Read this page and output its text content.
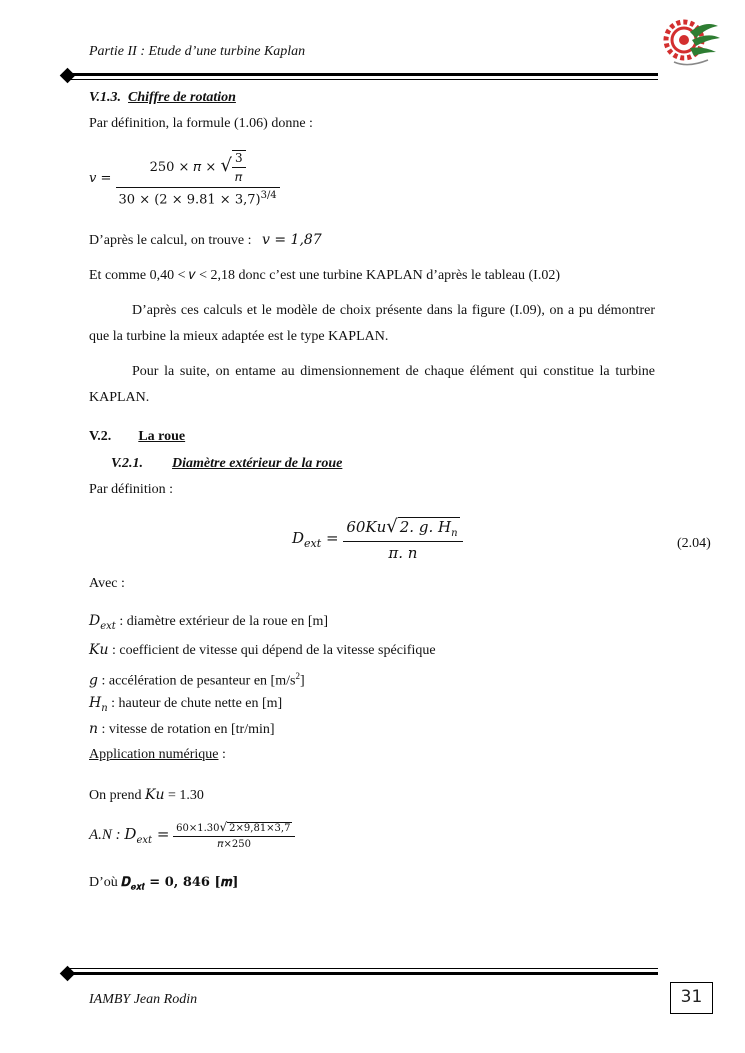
Partie II : Etude d’une turbine Kaplan
V.1.3. Chiffre de rotation
Par définition, la formule (1.06) donne :
𝑣 = $\frac{250 \times 𝜋 \times √ \frac{3}{\text{𝜋}}}{30 \times (2 \times 9.81 \times 3,7)^{3/4}}$
D’après le calcul, on trouve : 𝑣 = 1,87
Et comme 0,40 < 𝑣 < 2,18 donc c’est une turbine KAPLAN d’après le tableau (I.02)
D’après ces calculs et le modèle de choix présente dans la figure (I.09), on a pu démontrer que la turbine la mieux adaptée est le type KAPLAN.
Pour la suite, on entame au dimensionnement de chaque élément qui constitue la turbine KAPLAN.
V.2. La roue
V.2.1. Diamètre extérieur de la roue
Par définition :
𝐷$_{𝑒𝑥𝑡}$ = $\frac{60𝐾𝑢√ 2. 𝑔. 𝐻_𝑛}{\text{𝜋. 𝑛}}$	(2.04)
Avec :
𝐷$_{𝑒𝑥𝑡}$ : diamètre extérieur de la roue en [m]
𝐾𝑢 : coefficient de vitesse qui dépend de la vitesse spécifique
𝑔 : accélération de pesanteur en $[m/s^2]$
𝐻$_𝑛$ : hauteur de chute nette en [m]
𝑛 : vitesse de rotation en [tr/min]
Application numérique :
On prend 𝐾𝑢 = 1.30
A.N : 𝐷$_{𝑒𝑥𝑡}$ = $\frac{60\times 1.30√ 2\times 9,81\times 3,7}{\text{𝜋×250}}$
D’où 𝑫$_{𝒆𝒙𝒕}$ = 𝟎, 𝟖𝟒𝟔 [𝒎]
IAMBY Jean Rodin	31
